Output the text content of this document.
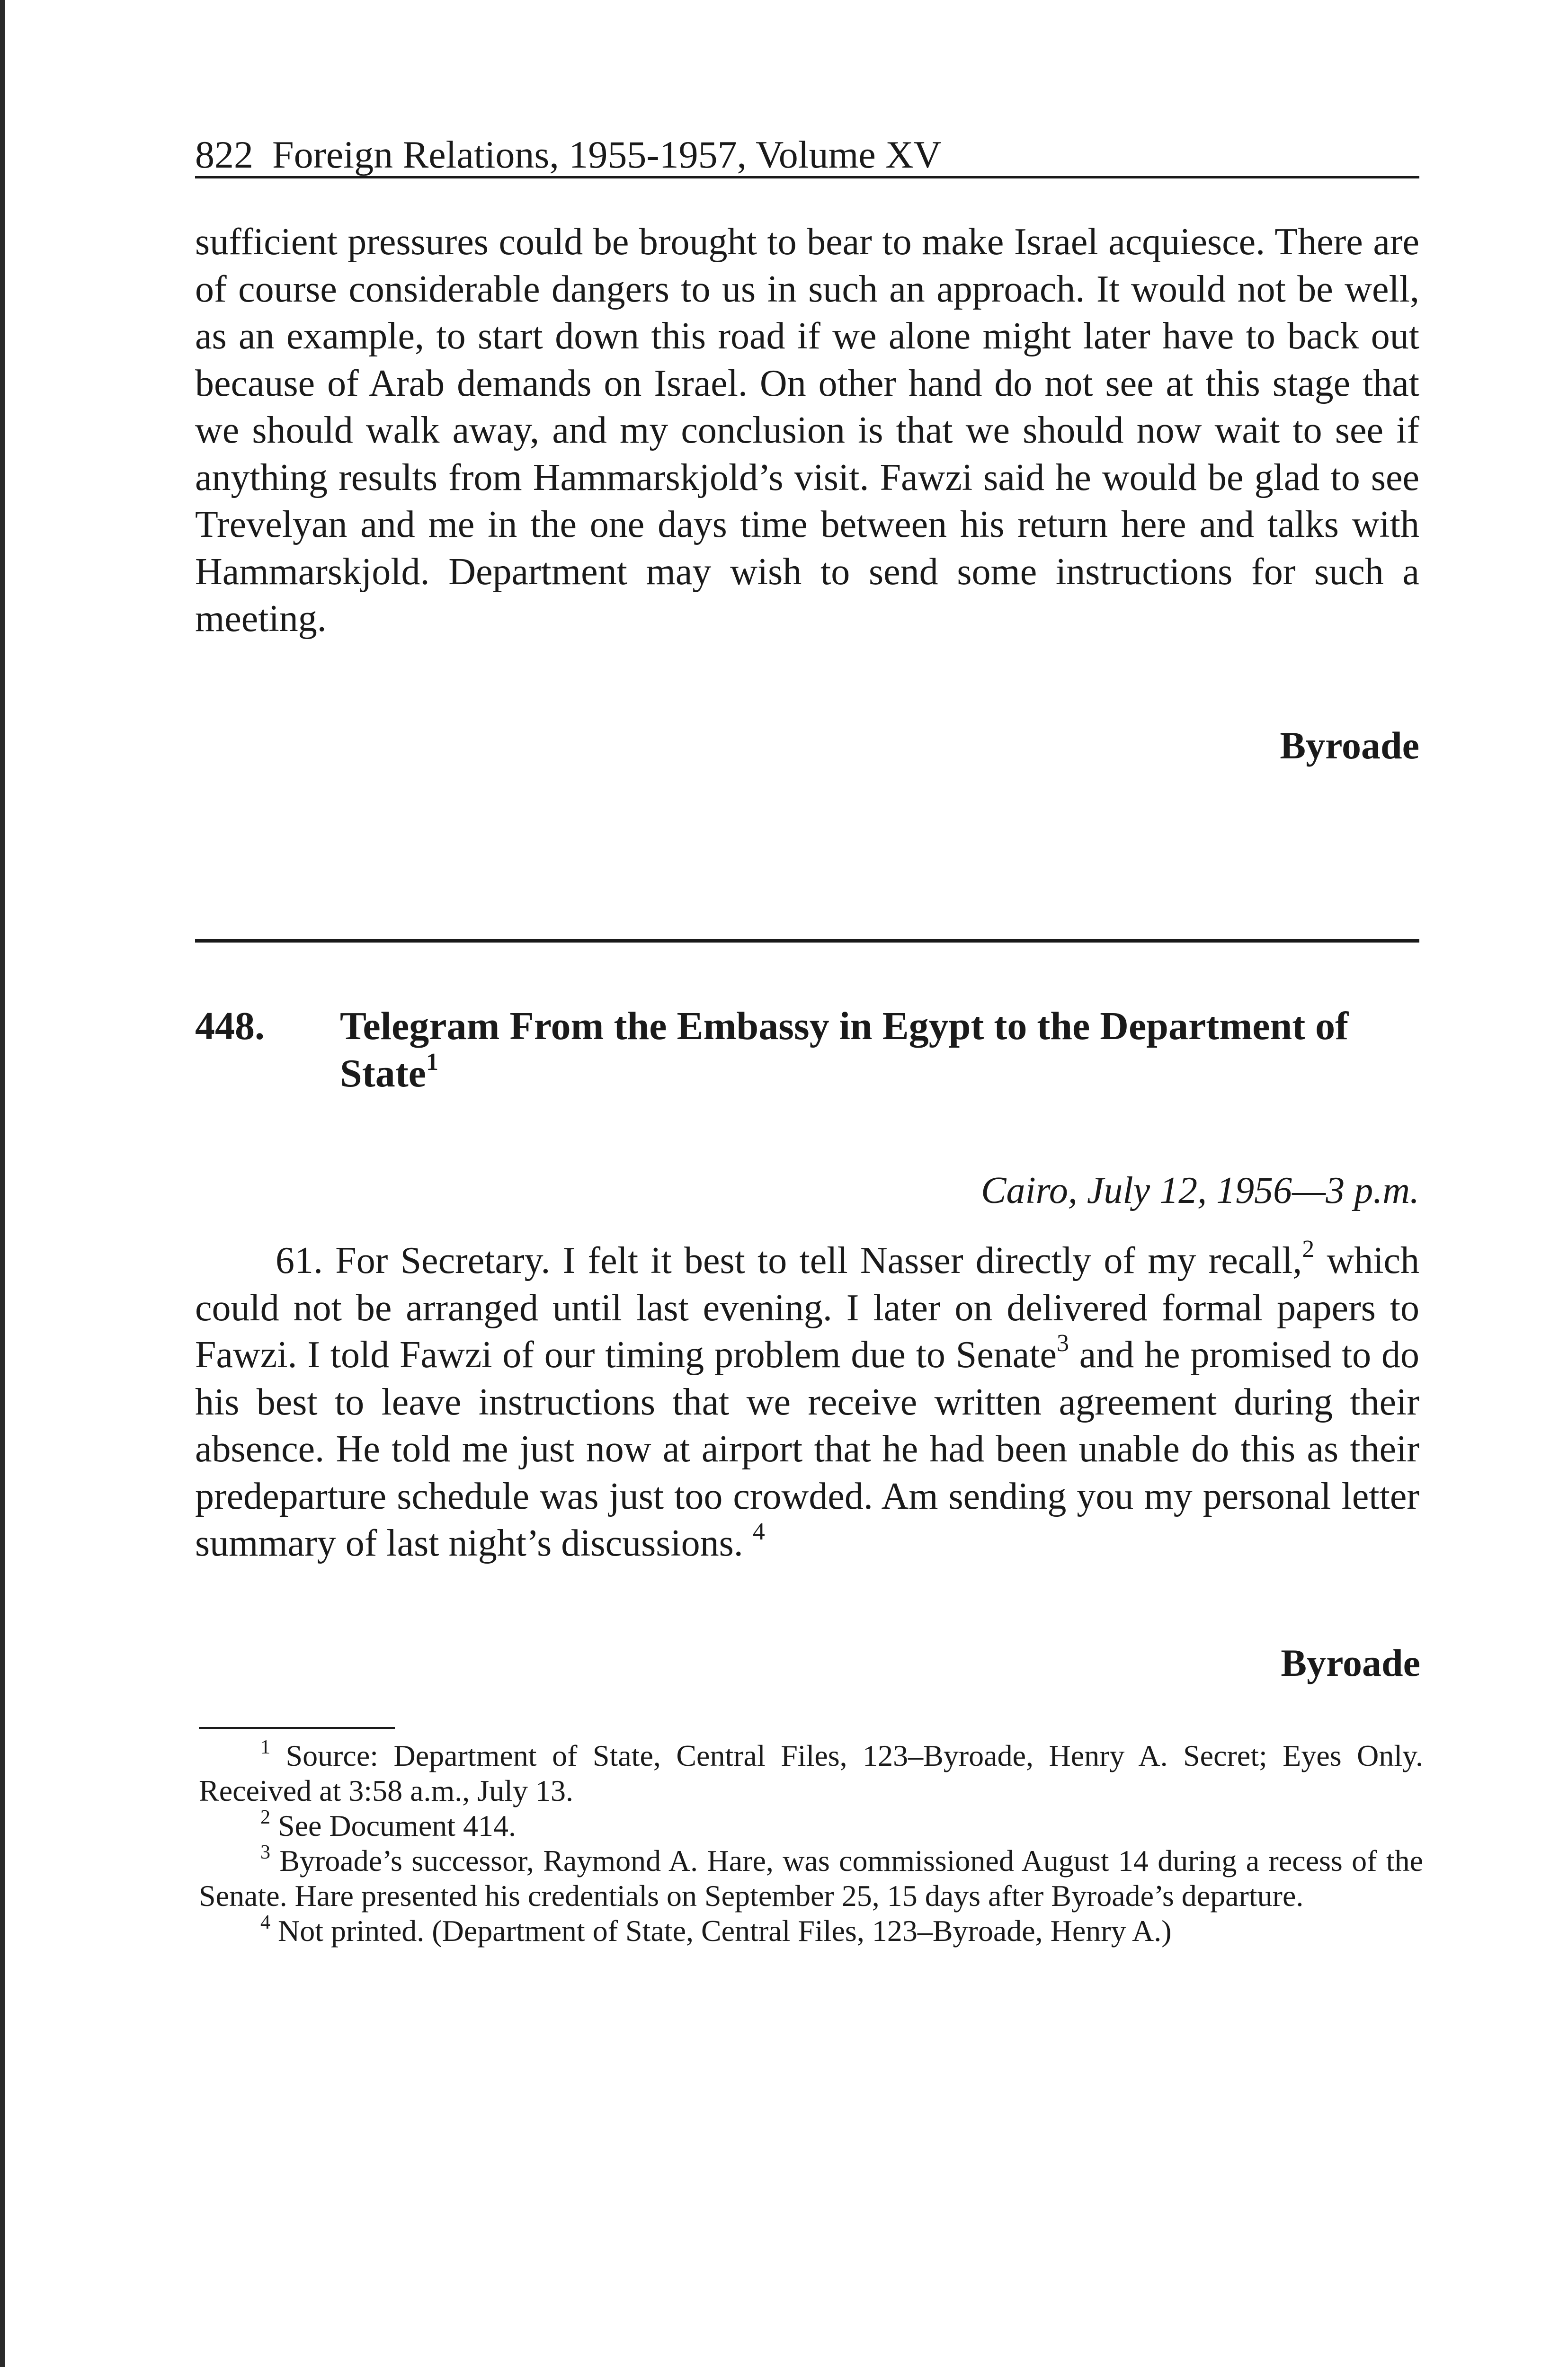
822 Foreign Relations, 1955-1957, Volume XV
sufficient pressures could be brought to bear to make Israel acquiesce. There are of course considerable dangers to us in such an approach. It would not be well, as an example, to start down this road if we alone might later have to back out because of Arab demands on Israel. On other hand do not see at this stage that we should walk away, and my conclusion is that we should now wait to see if anything results from Hammarskjold’s visit. Fawzi said he would be glad to see Trevelyan and me in the one days time between his return here and talks with Hammarskjold. Department may wish to send some instructions for such a meeting.
Byroade
448. Telegram From the Embassy in Egypt to the Department of State$^1$
Cairo, July 12, 1956—3 p.m.
61. For Secretary. I felt it best to tell Nasser directly of my recall,$^2$ which could not be arranged until last evening. I later on delivered formal papers to Fawzi. I told Fawzi of our timing problem due to Senate$^3$ and he promised to do his best to leave instructions that we receive written agreement during their absence. He told me just now at airport that he had been unable do this as their predeparture schedule was just too crowded. Am sending you my personal letter summary of last night’s discussions. $^4$
Byroade
$^1$ Source: Department of State, Central Files, 123–Byroade, Henry A. Secret; Eyes Only. Received at 3:58 a.m., July 13.
$^2$ See Document 414.
$^3$ Byroade’s successor, Raymond A. Hare, was commissioned August 14 during a recess of the Senate. Hare presented his credentials on September 25, 15 days after Byroade’s departure.
$^4$ Not printed. (Department of State, Central Files, 123–Byroade, Henry A.)
